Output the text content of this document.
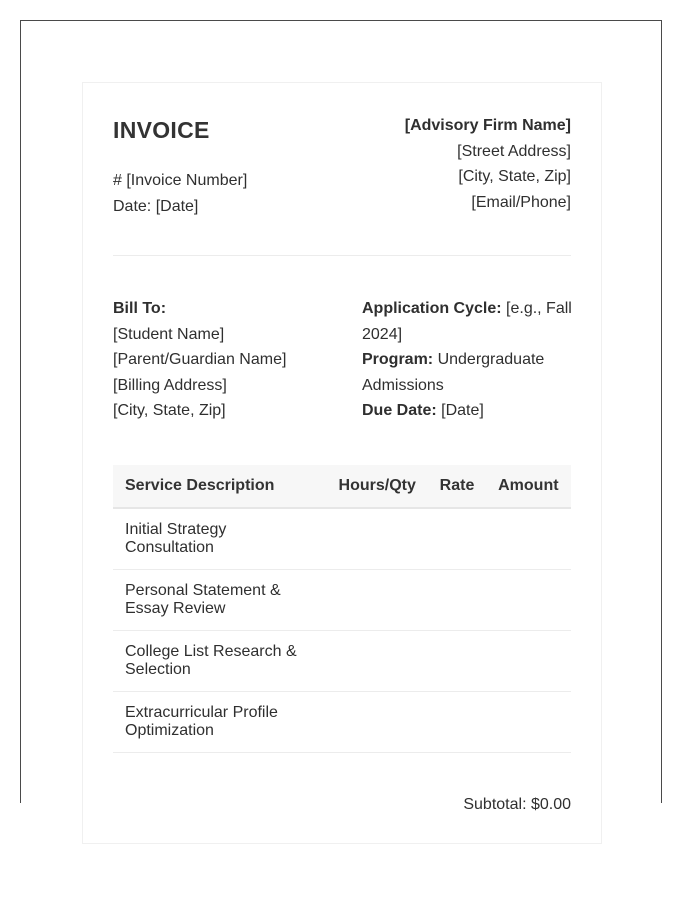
INVOICE
# [Invoice Number]
Date: [Date]
[Advisory Firm Name]
[Street Address]
[City, State, Zip]
[Email/Phone]
Bill To:
[Student Name]
[Parent/Guardian Name]
[Billing Address]
[City, State, Zip]
Application Cycle: [e.g., Fall 2024]
Program: Undergraduate Admissions
Due Date: [Date]
Service Description	Hours/Qty	Rate	Amount
Initial Strategy Consultation			
Personal Statement & Essay Review			
College List Research & Selection			
Extracurricular Profile Optimization			
Subtotal: $0.00
